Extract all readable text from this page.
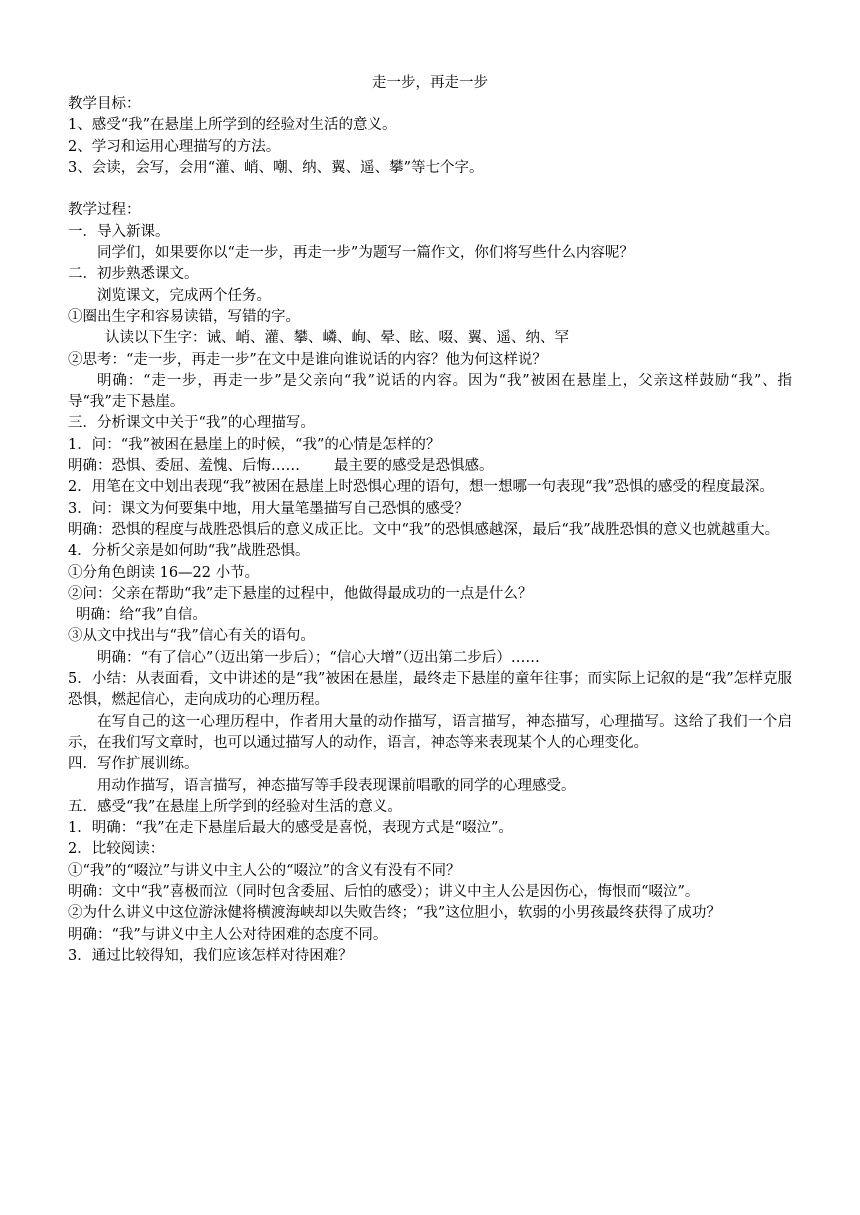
走一步，再走一步
教学目标：
1、感受“我”在悬崖上所学到的经验对生活的意义。
2、学习和运用心理描写的方法。
3、会读，会写，会用“灌、峭、嘲、纳、翼、遥、攀”等七个字。
教学过程：
一．导入新课。
同学们，如果要你以“走一步，再走一步”为题写一篇作文，你们将写些什么内容呢？
二．初步熟悉课文。
浏览课文，完成两个任务。
①圈出生字和容易读错，写错的字。
认读以下生字：诫、峭、灌、攀、嶙、峋、晕、眩、啜、翼、遥、纳、罕
②思考：“走一步，再走一步”在文中是谁向谁说话的内容？他为何这样说？
明确：“走一步，再走一步”是父亲向“我”说话的内容。因为“我”被困在悬崖上，父亲这样鼓励“我”、指导“我”走下悬崖。
三．分析课文中关于“我”的心理描写。
1．问：“我”被困在悬崖上的时候，“我”的心情是怎样的？
明确：恐惧、委屈、羞愧、后悔…… 最主要的感受是恐惧感。
2．用笔在文中划出表现“我”被困在悬崖上时恐惧心理的语句，想一想哪一句表现“我”恐惧的感受的程度最深。
3．问：课文为何要集中地，用大量笔墨描写自己恐惧的感受？
明确：恐惧的程度与战胜恐惧后的意义成正比。文中“我”的恐惧感越深，最后“我”战胜恐惧的意义也就越重大。
4．分析父亲是如何助“我”战胜恐惧。
①分角色朗读 16—22 小节。
②问：父亲在帮助“我”走下悬崖的过程中，他做得最成功的一点是什么？
明确：给“我”自信。
③从文中找出与“我”信心有关的语句。
明确：“有了信心”（迈出第一步后）；“信心大增”（迈出第二步后）……
5．小结：从表面看，文中讲述的是“我”被困在悬崖，最终走下悬崖的童年往事；而实际上记叙的是“我”怎样克服恐惧，燃起信心，走向成功的心理历程。
在写自己的这一心理历程中，作者用大量的动作描写，语言描写，神态描写，心理描写。这给了我们一个启示，在我们写文章时，也可以通过描写人的动作，语言，神态等来表现某个人的心理变化。
四．写作扩展训练。
用动作描写，语言描写，神态描写等手段表现课前唱歌的同学的心理感受。
五．感受“我”在悬崖上所学到的经验对生活的意义。
1．明确：“我”在走下悬崖后最大的感受是喜悦，表现方式是“啜泣”。
2．比较阅读：
①“我”的“啜泣”与讲义中主人公的“啜泣”的含义有没有不同？
明确：文中“我”喜极而泣（同时包含委屈、后怕的感受）；讲义中主人公是因伤心，悔恨而“啜泣”。
②为什么讲义中这位游泳健将横渡海峡却以失败告终；“我”这位胆小，软弱的小男孩最终获得了成功？
明确：“我”与讲义中主人公对待困难的态度不同。
3．通过比较得知，我们应该怎样对待困难？
